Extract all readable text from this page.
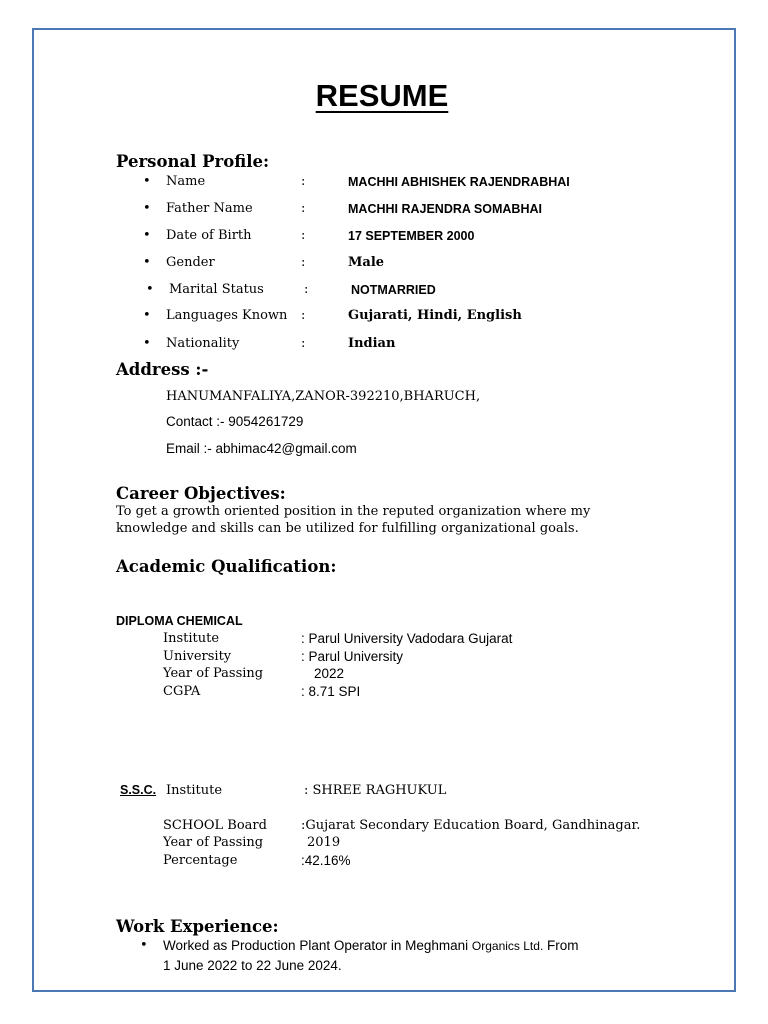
RESUME
Personal Profile:
• Name	:	MACHHI ABHISHEK RAJENDRABHAI
• Father Name	:	MACHHI RAJENDRA SOMABHAI
• Date of Birth	:	17 SEPTEMBER 2000
• Gender	:	Male
• Marital Status	:	NOTMARRIED
• Languages Known :	Gujarati, Hindi, English
• Nationality	:	Indian
Address :-
HANUMANFALIYA,ZANOR-392210,BHARUCH,
Contact :- 9054261729
Email :- abhimac42@gmail.com
Career Objectives:
To get a growth oriented position in the reputed organization where my
knowledge and skills can be utilized for fulfilling organizational goals.
Academic Qualification:
DIPLOMA CHEMICAL
Institute	: Parul University Vadodara Gujarat
University	: Parul University
Year of Passing	2022
CGPA	: 8.71 SPI
S.S.C. Institute	: SHREE RAGHUKUL
SCHOOL Board	:Gujarat Secondary Education Board, Gandhinagar.
Year of Passing	2019
Percentage	:42.16%
Work Experience:
• Worked as Production Plant Operator in Meghmani Organics Ltd. From
1 June 2022 to 22 June 2024.
